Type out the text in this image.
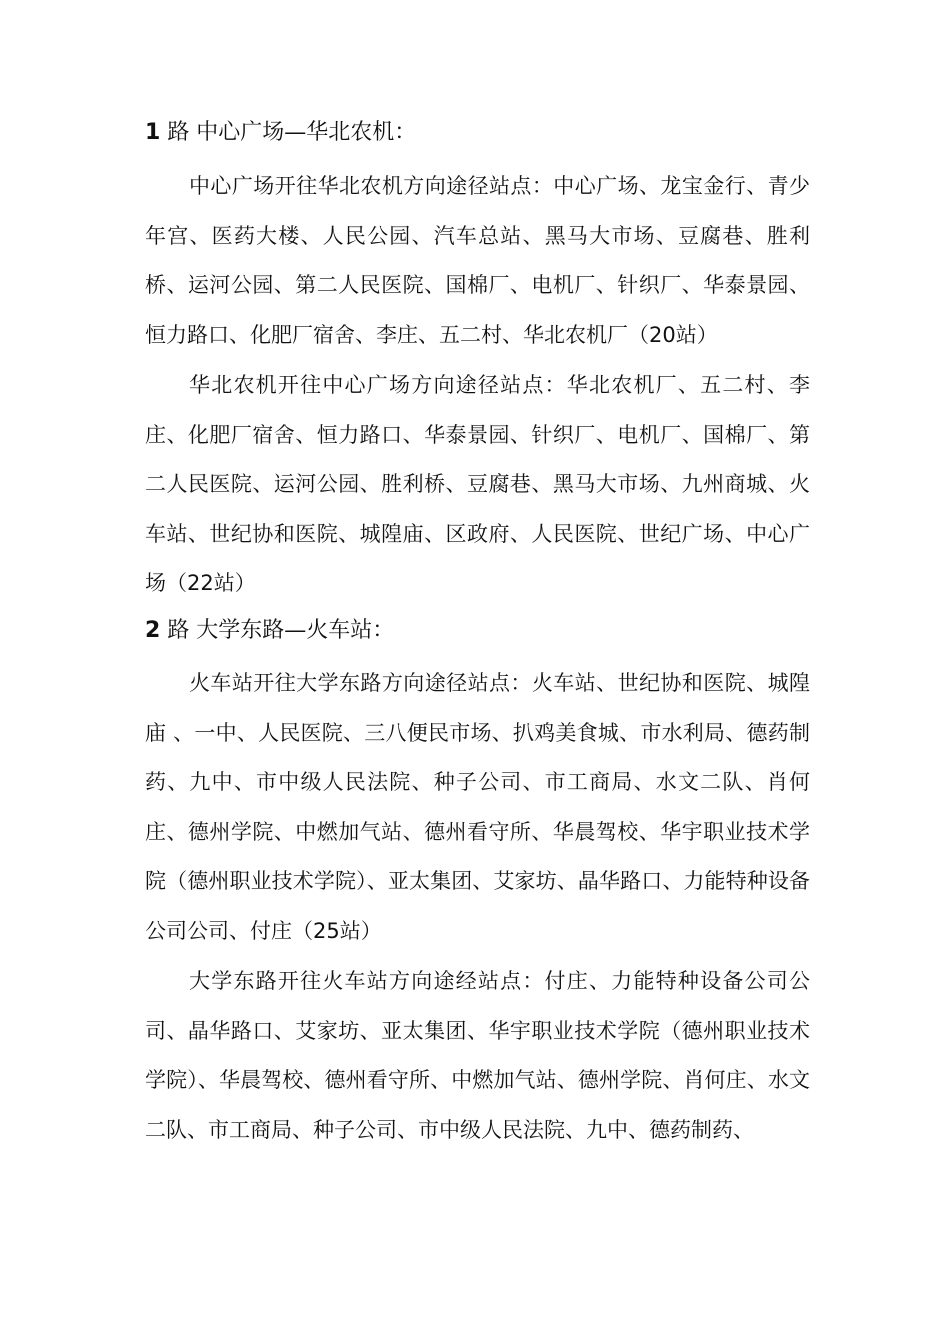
1 路 中心广场—华北农机：
中心广场开往华北农机方向途径站点：中心广场、龙宝金行、青少年宫、医药大楼、人民公园、汽车总站、黑马大市场、豆腐巷、胜利桥、运河公园、第二人民医院、国棉厂、电机厂、针织厂、华泰景园、恒力路口、化肥厂宿舍、李庄、五二村、华北农机厂（20站）
华北农机开往中心广场方向途径站点：华北农机厂、五二村、李庄、化肥厂宿舍、恒力路口、华泰景园、针织厂、电机厂、国棉厂、第二人民医院、运河公园、胜利桥、豆腐巷、黑马大市场、九州商城、火车站、世纪协和医院、城隍庙、区政府、人民医院、世纪广场、中心广场（22站）
2 路 大学东路—火车站：
火车站开往大学东路方向途径站点：火车站、世纪协和医院、城隍庙 、一中、人民医院、三八便民市场、扒鸡美食城、市水利局、德药制药、九中、市中级人民法院、种子公司、市工商局、水文二队、肖何庄、德州学院、中燃加气站、德州看守所、华晨驾校、华宇职业技术学院（德州职业技术学院）、亚太集团、艾家坊、晶华路口、力能特种设备公司公司、付庄（25站）
大学东路开往火车站方向途经站点：付庄、力能特种设备公司公司、晶华路口、艾家坊、亚太集团、华宇职业技术学院（德州职业技术学院）、华晨驾校、德州看守所、中燃加气站、德州学院、肖何庄、水文二队、市工商局、种子公司、市中级人民法院、九中、德药制药、
